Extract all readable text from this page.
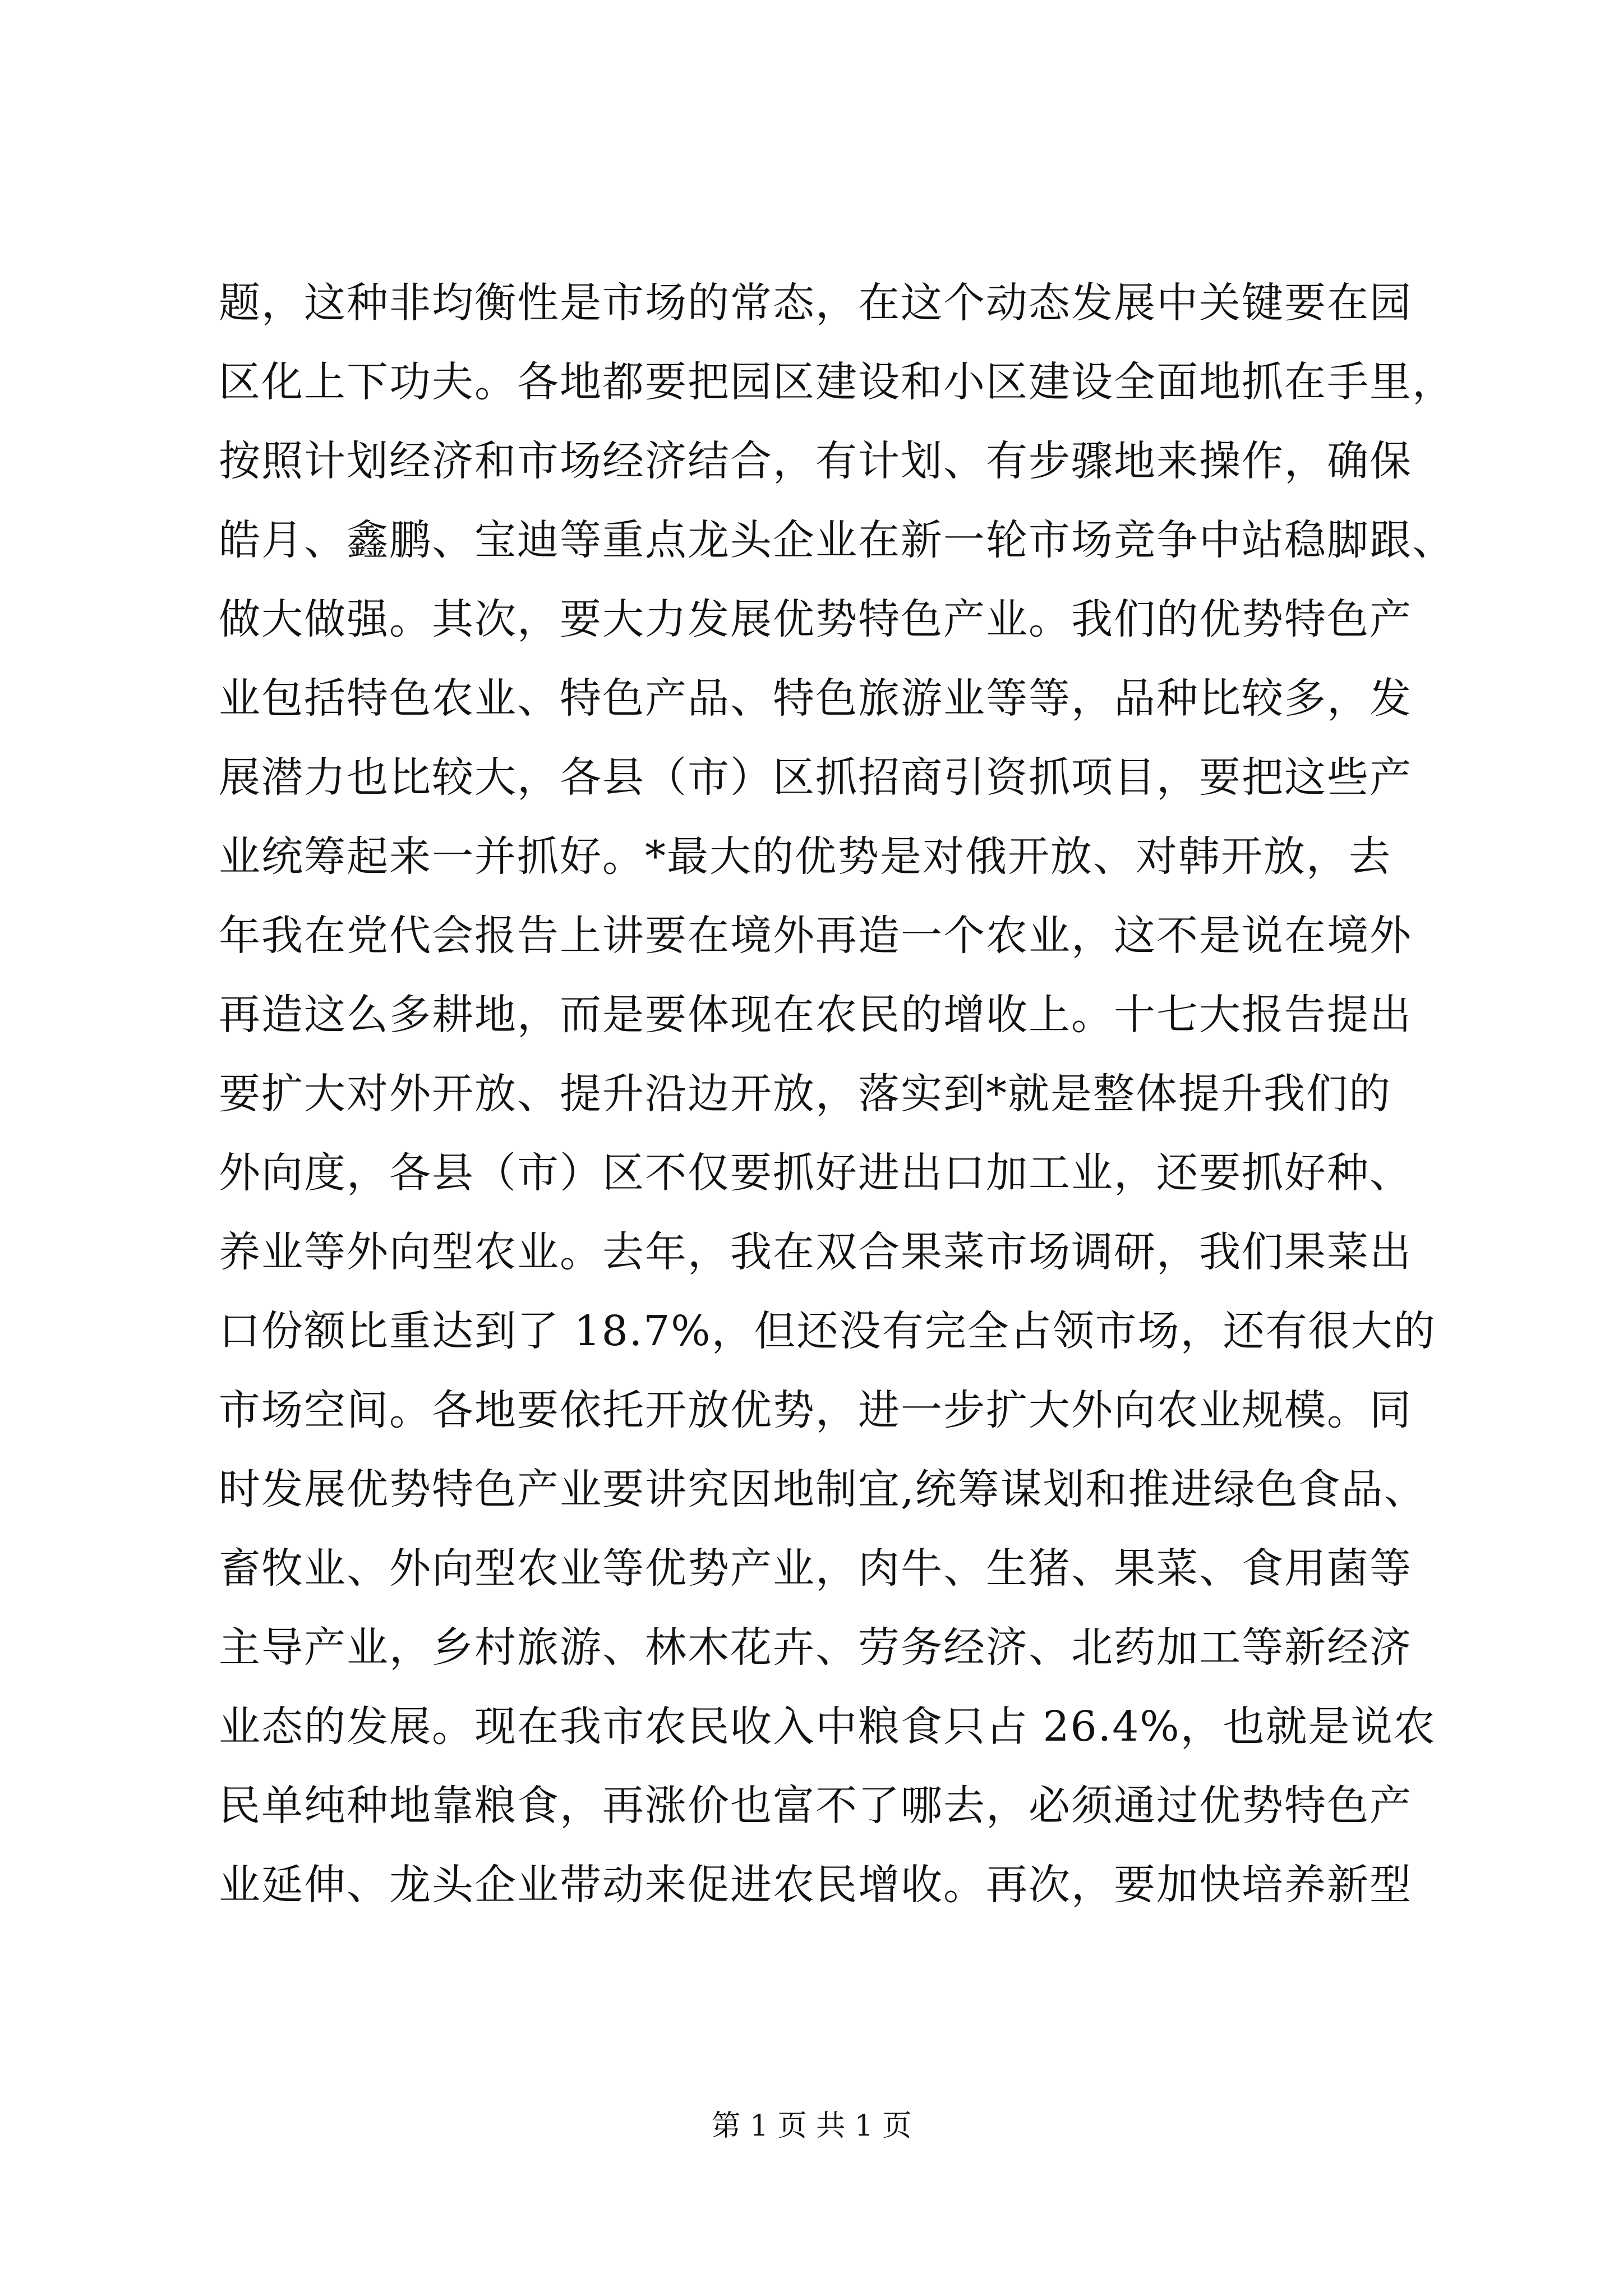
题，这种非均衡性是市场的常态，在这个动态发展中关键要在园
区化上下功夫。各地都要把园区建设和小区建设全面地抓在手里，
按照计划经济和市场经济结合，有计划、有步骤地来操作，确保
皓月、鑫鹏、宝迪等重点龙头企业在新一轮市场竞争中站稳脚跟、
做大做强。其次，要大力发展优势特色产业。我们的优势特色产
业包括特色农业、特色产品、特色旅游业等等，品种比较多，发
展潜力也比较大，各县（市）区抓招商引资抓项目，要把这些产
业统筹起来一并抓好。*最大的优势是对俄开放、对韩开放，去
年我在党代会报告上讲要在境外再造一个农业，这不是说在境外
再造这么多耕地，而是要体现在农民的增收上。十七大报告提出
要扩大对外开放、提升沿边开放，落实到*就是整体提升我们的
外向度，各县（市）区不仅要抓好进出口加工业，还要抓好种、
养业等外向型农业。去年，我在双合果菜市场调研，我们果菜出
口份额比重达到了 18.7%，但还没有完全占领市场，还有很大的
市场空间。各地要依托开放优势，进一步扩大外向农业规模。同
时发展优势特色产业要讲究因地制宜,统筹谋划和推进绿色食品、
畜牧业、外向型农业等优势产业，肉牛、生猪、果菜、食用菌等
主导产业，乡村旅游、林木花卉、劳务经济、北药加工等新经济
业态的发展。现在我市农民收入中粮食只占 26.4%，也就是说农
民单纯种地靠粮食，再涨价也富不了哪去，必须通过优势特色产
业延伸、龙头企业带动来促进农民增收。再次，要加快培养新型
第 1 页 共 1 页
